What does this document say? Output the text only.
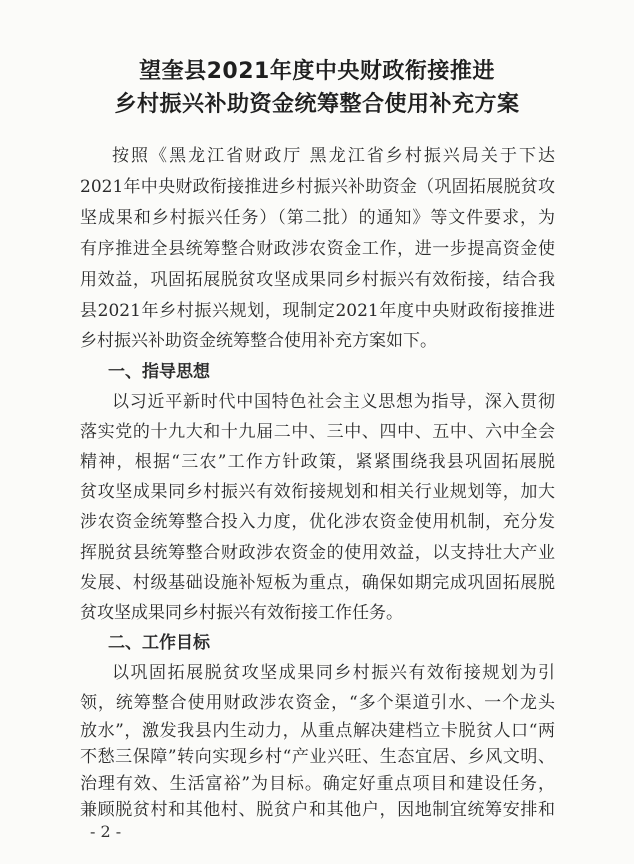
望奎县2021年度中央财政衔接推进
乡村振兴补助资金统筹整合使用补充方案
按照《黑龙江省财政厅 黑龙江省乡村振兴局关于下达
2021年中央财政衔接推进乡村振兴补助资金（巩固拓展脱贫攻
坚成果和乡村振兴任务）（第二批）的通知》等文件要求，为
有序推进全县统筹整合财政涉农资金工作，进一步提高资金使
用效益，巩固拓展脱贫攻坚成果同乡村振兴有效衔接，结合我
县2021年乡村振兴规划，现制定2021年度中央财政衔接推进
乡村振兴补助资金统筹整合使用补充方案如下。
一、指导思想
以习近平新时代中国特色社会主义思想为指导，深入贯彻
落实党的十九大和十九届二中、三中、四中、五中、六中全会
精神，根据“三农”工作方针政策，紧紧围绕我县巩固拓展脱
贫攻坚成果同乡村振兴有效衔接规划和相关行业规划等，加大
涉农资金统筹整合投入力度，优化涉农资金使用机制，充分发
挥脱贫县统筹整合财政涉农资金的使用效益，以支持壮大产业
发展、村级基础设施补短板为重点，确保如期完成巩固拓展脱
贫攻坚成果同乡村振兴有效衔接工作任务。
二、工作目标
以巩固拓展脱贫攻坚成果同乡村振兴有效衔接规划为引
领，统筹整合使用财政涉农资金，“多个渠道引水、一个龙头
放水”，激发我县内生动力，从重点解决建档立卡脱贫人口“两
不愁三保障”转向实现乡村“产业兴旺、生态宜居、乡风文明、
治理有效、生活富裕”为目标。确定好重点项目和建设任务，
兼顾脱贫村和其他村、脱贫户和其他户，因地制宜统筹安排和
- 2 -
